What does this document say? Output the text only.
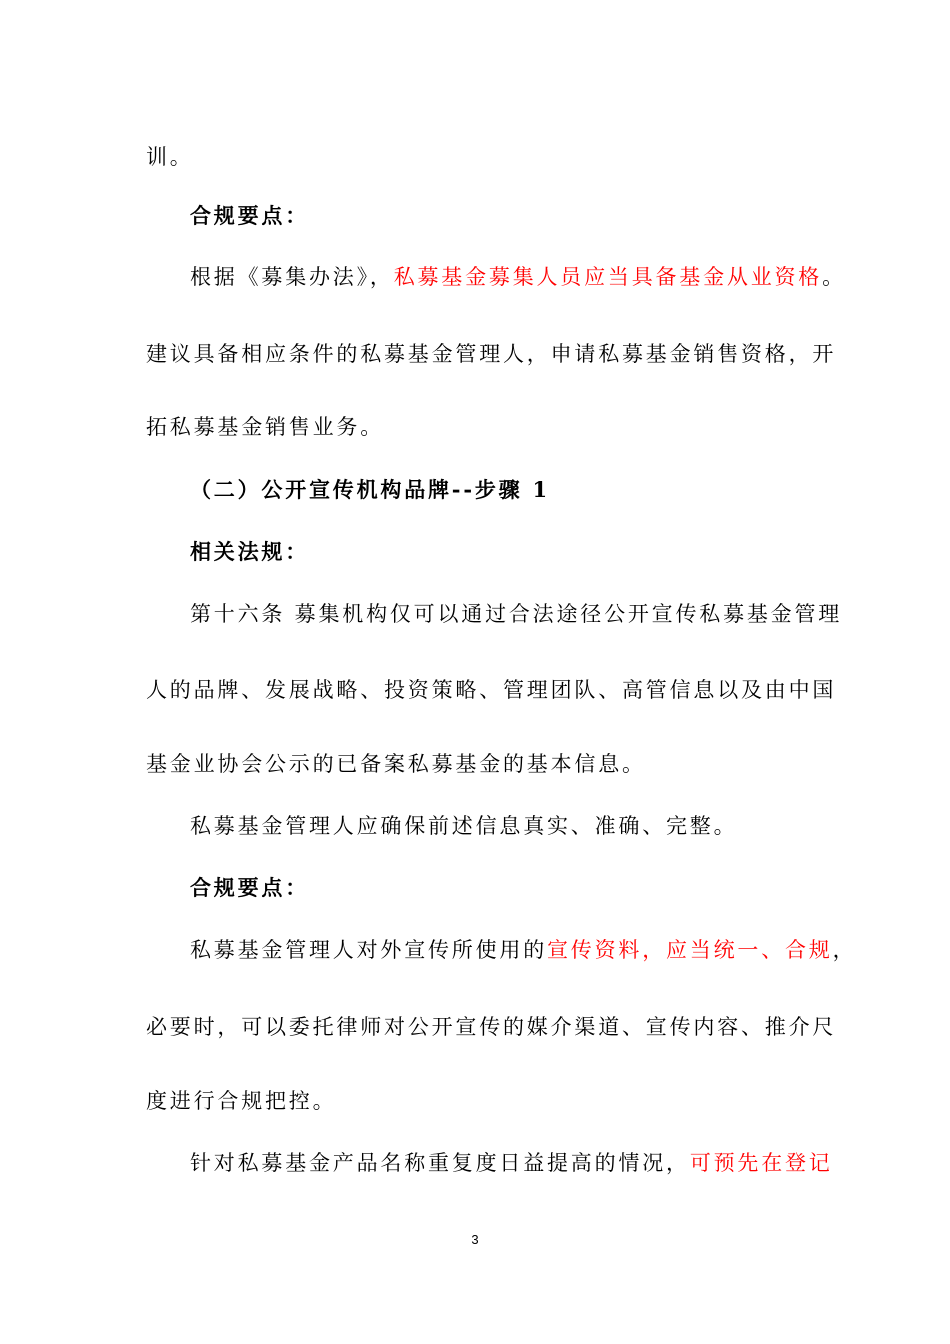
训。
合规要点：
根据《募集办法》，私募基金募集人员应当具备基金从业资格。
建议具备相应条件的私募基金管理人，申请私募基金销售资格，开
拓私募基金销售业务。
（二）公开宣传机构品牌--步骤 1
相关法规：
第十六条 募集机构仅可以通过合法途径公开宣传私募基金管理
人的品牌、发展战略、投资策略、管理团队、高管信息以及由中国
基金业协会公示的已备案私募基金的基本信息。
私募基金管理人应确保前述信息真实、准确、完整。
合规要点：
私募基金管理人对外宣传所使用的宣传资料，应当统一、合规，
必要时，可以委托律师对公开宣传的媒介渠道、宣传内容、推介尺
度进行合规把控。
针对私募基金产品名称重复度日益提高的情况，可预先在登记
3
